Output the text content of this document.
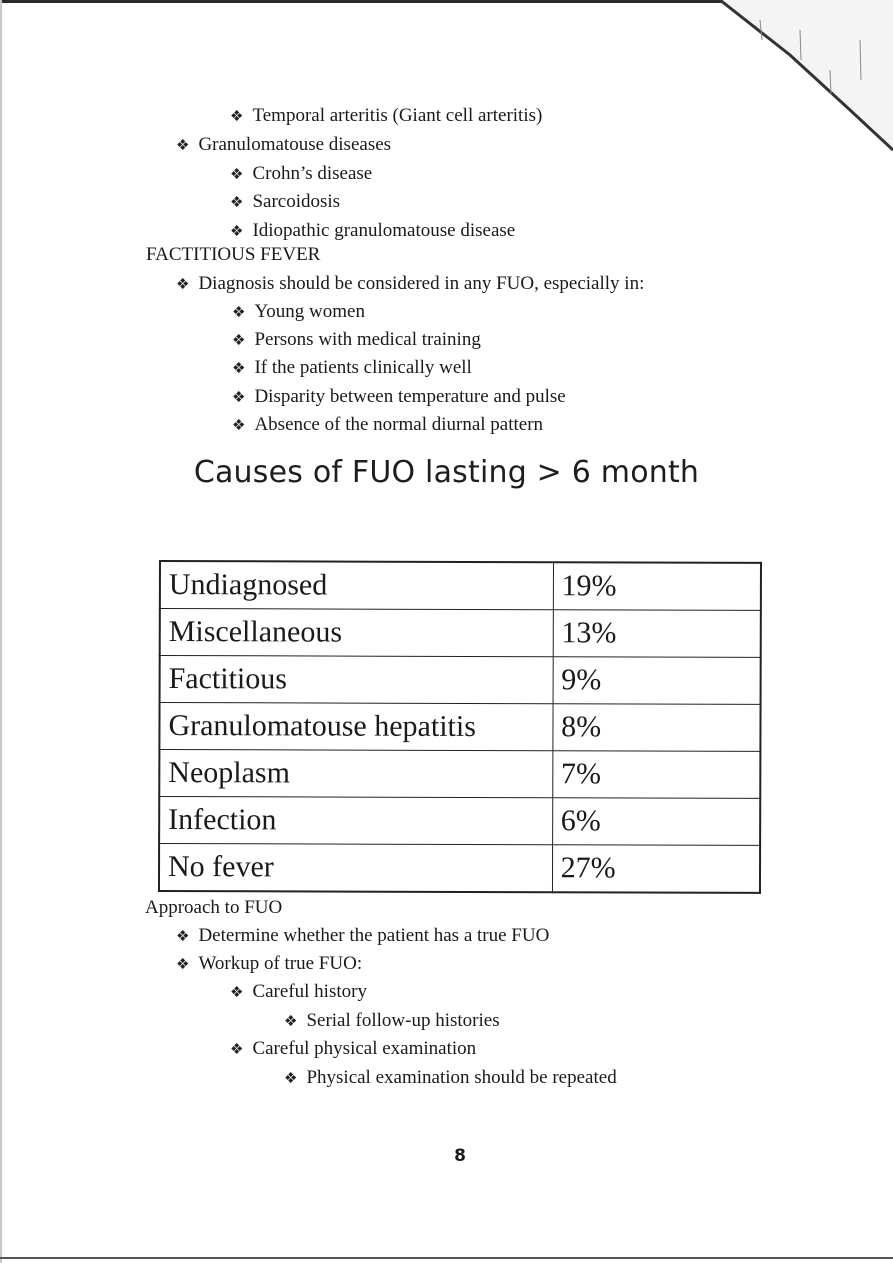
❖ Temporal arteritis (Giant cell arteritis)
❖ Granulomatouse diseases
❖ Crohn’s disease
❖ Sarcoidosis
❖ Idiopathic granulomatouse disease
FACTITIOUS FEVER
❖ Diagnosis should be considered in any FUO, especially in:
❖ Young women
❖ Persons with medical training
❖ If the patients clinically well
❖ Disparity between temperature and pulse
❖ Absence of the normal diurnal pattern
Causes of FUO lasting > 6 month
Undiagnosed	19%
Miscellaneous	13%
Factitious	9%
Granulomatouse hepatitis	8%
Neoplasm	7%
Infection	6%
No fever	27%
Approach to FUO
❖ Determine whether the patient has a true FUO
❖ Workup of true FUO:
❖ Careful history
❖ Serial follow-up histories
❖ Careful physical examination
❖ Physical examination should be repeated
8
